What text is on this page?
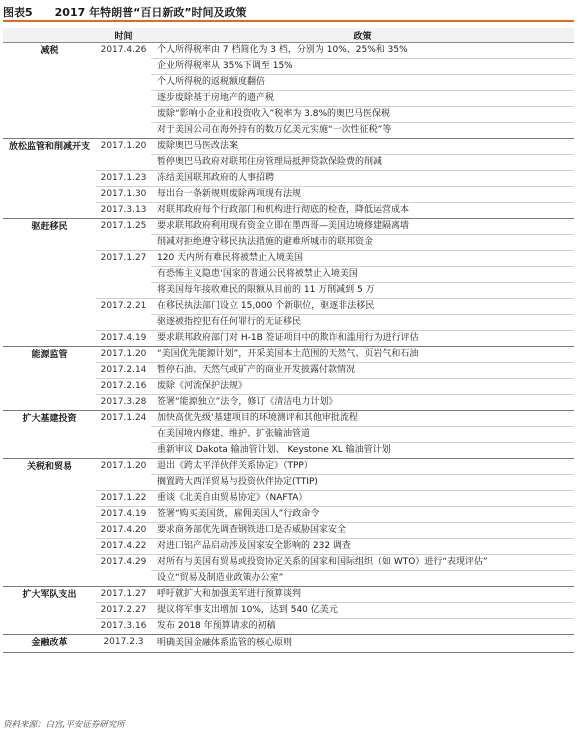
图表5 2017 年特朗普“百日新政”时间及政策
	时间	政策
减税	2017.4.26	个人所得税率由 7 档简化为 3 档，分别为 10%、25%和 35%
		企业所得税率从 35%下调至 15%
		个人所得税的返税额度翻倍
		逐步废除基于房地产的遗产税
		废除“影响小企业和投资收入”税率为 3.8%的奥巴马医保税
		对于美国公司在海外持有的数万亿美元实施“一次性征税”等
放松监管和削减开支	2017.1.20	废除奥巴马医改法案
		暂停奥巴马政府对联邦住房管理局抵押贷款保险费的削减
	2017.1.23	冻结美国联邦政府的人事招聘
	2017.1.30	每出台一条新规则废除两项现有法规
	2017.3.13	对联邦政府每个行政部门和机构进行彻底的检查，降低运营成本
驱赶移民	2017.1.25	要求联邦政府利用现有资金立即在墨西哥—美国边境修建隔离墙
		削减对拒绝遵守移民执法措施的避难所城市的联邦资金
	2017.1.27	120 天内所有难民将被禁止入境美国
		有恐怖主义隐患‘国家的普通公民将被禁止入境美国
		将美国每年接收难民的限额从目前的 11 万削减到 5 万
	2017.2.21	在移民执法部门设立 15,000 个新职位，驱逐非法移民
		驱逐被指控犯有任何罪行的无证移民
	2017.4.19	要求联邦政府部门对 H-1B 签证项目中的欺诈和滥用行为进行评估
能源监管	2017.1.20	“美国优先能源计划”，开采美国本土范围的天然气、页岩气和石油
	2017.2.14	暂停石油、天然气或矿产的商业开发披露付款情况
	2017.2.16	废除《河流保护法规》
	2017.3.28	签署“能源独立”法令，修订《清洁电力计划》
扩大基建投资	2017.1.24	加快高优先级‘基建项目的环境测评和其他审批流程
		在美国境内修建、维护、扩张输油管道
		重新审议 Dakota 输油管计划、 Keystone XL 输油管计划
关税和贸易	2017.1.20	退出《跨太平洋伙伴关系协定》（TPP）
		搁置跨大西洋贸易与投资伙伴协定(TTIP)
	2017.1.22	重谈《北美自由贸易协定》（NAFTA）
	2017.4.19	签署“购买美国货，雇佣美国人”行政命令
	2017.4.20	要求商务部优先调查钢铁进口是否威胁国家安全
	2017.4.22	对进口铝产品启动涉及国家安全影响的 232 调查
	2017.4.29	对所有与美国有贸易或投资协定关系的国家和国际组织（如 WTO）进行“表现评估”
		设立“贸易及制造业政策办公室”
扩大军队支出	2017.1.27	呼吁就扩大和加强美军进行预算谈判
	2017.2.27	提议将军事支出增加 10%，达到 540 亿美元
	2017.3.16	发布 2018 年预算请求的初稿
金融改革	2017.2.3	明确美国金融体系监管的核心原则
资料来源：白宫,平安证券研究所
